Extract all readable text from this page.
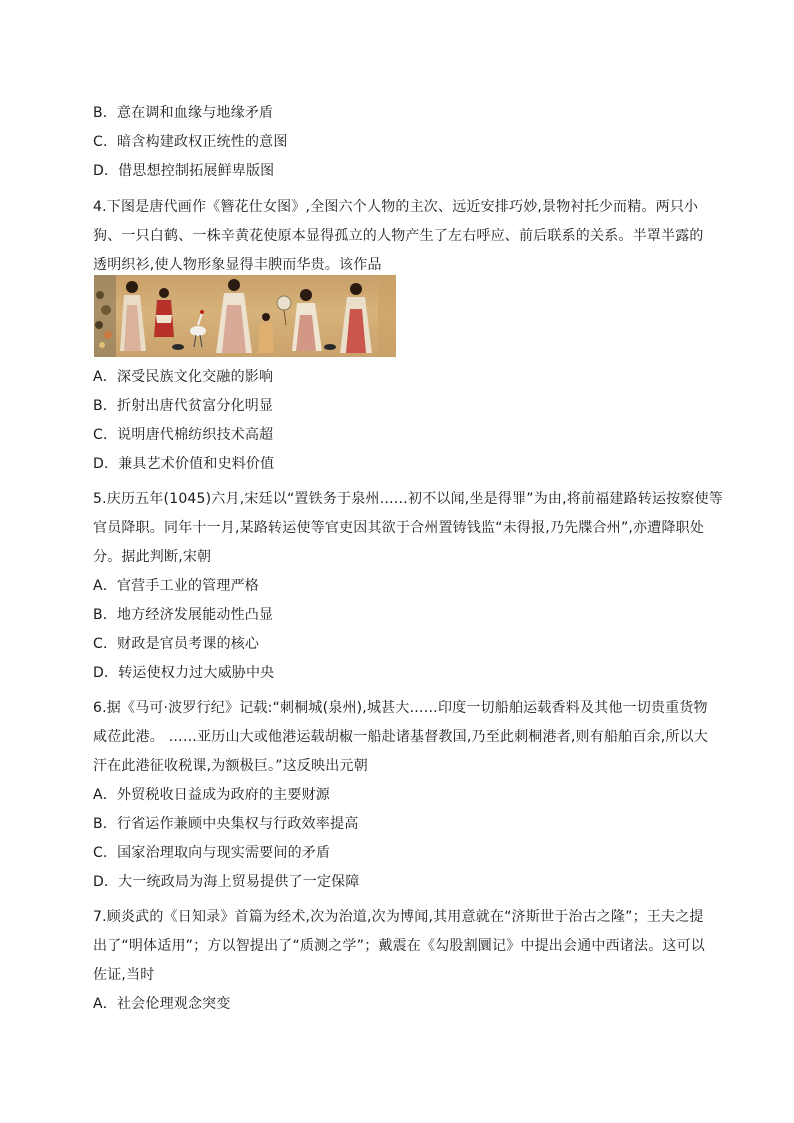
B．意在调和血缘与地缘矛盾
C．暗含构建政权正统性的意图
D．借思想控制拓展鲜卑版图
4.下图是唐代画作《簪花仕女图》,全图六个人物的主次、远近安排巧妙,景物衬托少而精。两只小
狗、一只白鹤、一株辛黄花使原本显得孤立的人物产生了左右呼应、前后联系的关系。半罩半露的
透明织衫,使人物形象显得丰腴而华贵。该作品
A．深受民族文化交融的影响
B．折射出唐代贫富分化明显
C．说明唐代棉纺织技术高超
D．兼具艺术价值和史料价值
5.庆历五年(1045)六月,宋廷以“置铁务于泉州……初不以闻,坐是得罪”为由,将前福建路转运按察使等
官员降职。同年十一月,某路转运使等官吏因其欲于合州置铸钱监“未得报,乃先牒合州”,亦遭降职处
分。据此判断,宋朝
A．官营手工业的管理严格
B．地方经济发展能动性凸显
C．财政是官员考课的核心
D．转运使权力过大威胁中央
6.据《马可·波罗行纪》记载:“刺桐城(泉州),城甚大……印度一切船舶运载香料及其他一切贵重货物
咸莅此港。 ……亚历山大或他港运载胡椒一船赴诸基督教国,乃至此刺桐港者,则有船舶百余,所以大
汗在此港征收税课,为额极巨。”这反映出元朝
A．外贸税收日益成为政府的主要财源
B．行省运作兼顾中央集权与行政效率提高
C．国家治理取向与现实需要间的矛盾
D．大一统政局为海上贸易提供了一定保障
7.顾炎武的《日知录》首篇为经术,次为治道,次为博闻,其用意就在“济斯世于治古之隆”；王夫之提
出了“明体适用”；方以智提出了“质测之学”；戴震在《勾股割圜记》中提出会通中西诸法。这可以
佐证,当时
A．社会伦理观念突变
